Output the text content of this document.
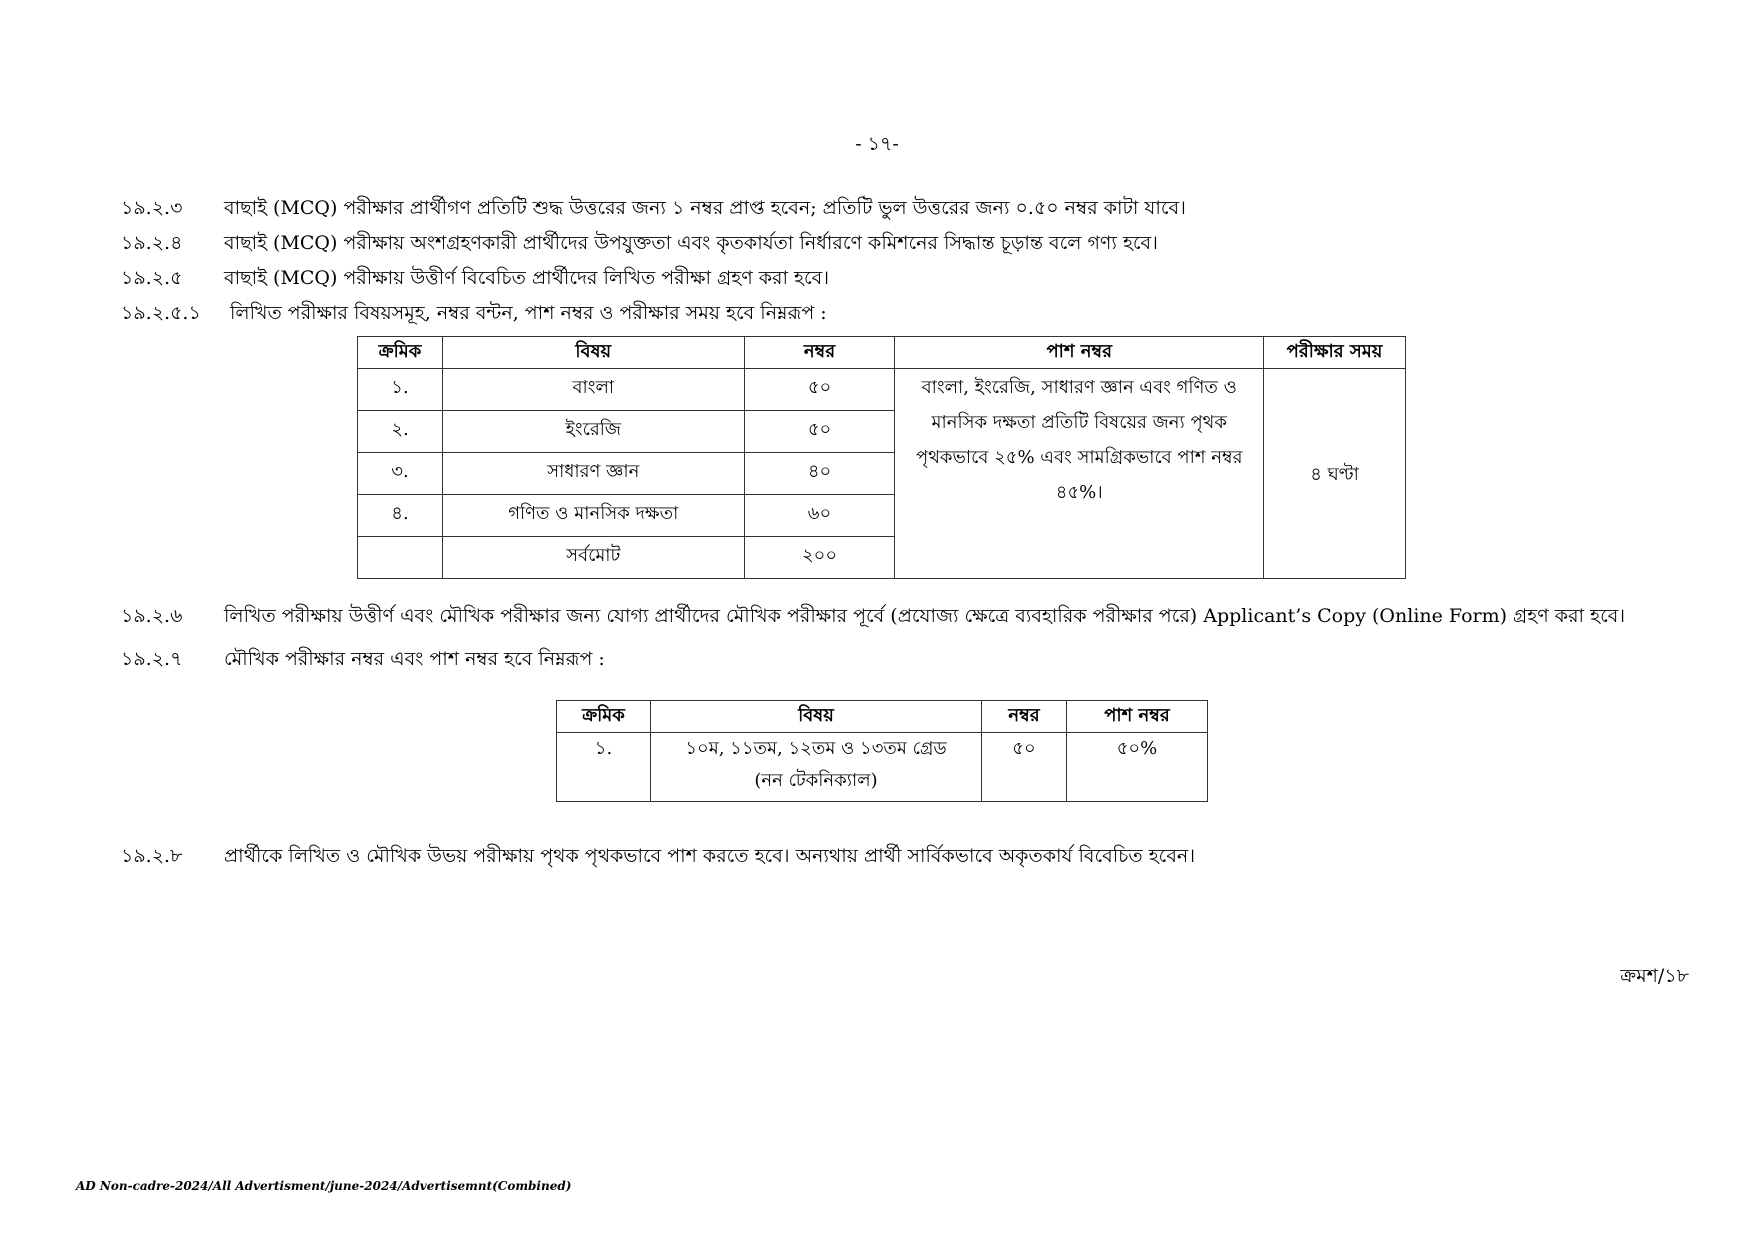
- ১৭-
১৯.২.৩ বাছাই (MCQ) পরীক্ষার প্রার্থীগণ প্রতিটি শুদ্ধ উত্তরের জন্য ১ নম্বর প্রাপ্ত হবেন; প্রতিটি ভুল উত্তরের জন্য ০.৫০ নম্বর কাটা যাবে।
১৯.২.৪ বাছাই (MCQ) পরীক্ষায় অংশগ্রহণকারী প্রার্থীদের উপযুক্ততা এবং কৃতকার্যতা নির্ধারণে কমিশনের সিদ্ধান্ত চূড়ান্ত বলে গণ্য হবে।
১৯.২.৫ বাছাই (MCQ) পরীক্ষায় উত্তীর্ণ বিবেচিত প্রার্থীদের লিখিত পরীক্ষা গ্রহণ করা হবে।
১৯.২.৫.১ লিখিত পরীক্ষার বিষয়সমূহ, নম্বর বন্টন, পাশ নম্বর ও পরীক্ষার সময় হবে নিম্নরূপ :
ক্রমিক	বিষয়	নম্বর	পাশ নম্বর	পরীক্ষার সময়
১.	বাংলা	৫০	বাংলা, ইংরেজি, সাধারণ জ্ঞান এবং গণিত ও মানসিক দক্ষতা প্রতিটি বিষয়ের জন্য পৃথক পৃথকভাবে ২৫% এবং সামগ্রিকভাবে পাশ নম্বর ৪৫%।	৪ ঘণ্টা
২.	ইংরেজি	৫০		
৩.	সাধারণ জ্ঞান	৪০		
৪.	গণিত ও মানসিক দক্ষতা	৬০		
	সর্বমোট	২০০		
১৯.২.৬ লিখিত পরীক্ষায় উত্তীর্ণ এবং মৌখিক পরীক্ষার জন্য যোগ্য প্রার্থীদের মৌখিক পরীক্ষার পূর্বে (প্রযোজ্য ক্ষেত্রে ব্যবহারিক পরীক্ষার পরে) Applicant’s Copy (Online Form) গ্রহণ করা হবে।
১৯.২.৭ মৌখিক পরীক্ষার নম্বর এবং পাশ নম্বর হবে নিম্নরূপ :
ক্রমিক	বিষয়	নম্বর	পাশ নম্বর
১.	১০ম, ১১তম, ১২তম ও ১৩তম গ্রেড (নন টেকনিক্যাল)	৫০	৫০%
১৯.২.৮ প্রার্থীকে লিখিত ও মৌখিক উভয় পরীক্ষায় পৃথক পৃথকভাবে পাশ করতে হবে। অন্যথায় প্রার্থী সার্বিকভাবে অকৃতকার্য বিবেচিত হবেন।
ক্রমশ/১৮
AD Non-cadre-2024/All Advertisment/june-2024/Advertisemnt(Combined)
